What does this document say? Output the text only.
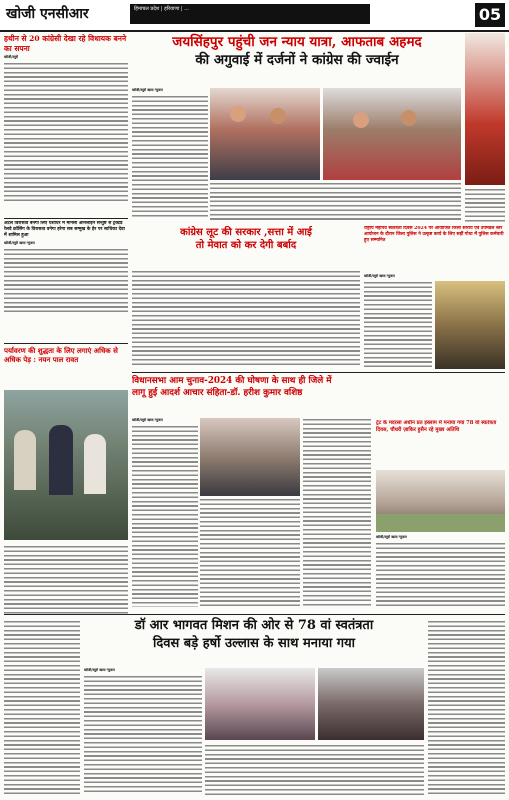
खोजी एनसीआर	हिमाचल प्रदेश | हरियाणा | ...	05
हथीन से 20 कांग्रेसी देखा रहे विधायक बनने का सपना
खोजी/ब्यूरो
अटल विरासत्व बनेगा लिए यशोधर में मानसी ऑनलाईन सन्तुष्ट से ट्रक्टर्ड रेलवे क्रॉसिंग के विरासत्व वनेगा हरेगा सब सम्मुख के हेर पर साधिका देवा में शामिल हुआ
खोजी/ब्यूरो खास न्यूजल
पर्यावरण की शुद्धता के लिए लगाएं अधिक से अधिक पेड़ : नयन पाल रावत
जयसिंहपुर पहुंची जन न्याय यात्रा, आफताब अहमद
की अगुवाई में दर्जनों ने कांग्रेस की ज्वाईन
खोजी/ब्यूरो खास न्यूजल
कांग्रेस लूट की सरकार ,सत्ता में आई
तो मेवात को कर देगी बर्बाद
राष्ट्रीय महापर्व स्वतंत्रता दिवस 2024 पर आयोजित जिला स्तरीय एवं उपमंडल स्तर आयोजन के दौरान जिला पुलिस ने उत्कृष्ट कार्य के लिए सहीं गोधा में पुलिस कर्मचारी हुए सम्मानित
खोजी/ब्यूरो खास न्यूजल
विधानसभा आम चुनाव-2024 की घोषणा के साथ ही जिले में
लागू हुई आदर्श आचार संहिता-डॉ. हरीश कुमार वशिष्ठ
खोजी/ब्यूरो खास न्यूजल	ट्रंट के मदरसा अधीन प्रत इस्लाम में मनाया गया 78 वां स्वतंत्रता दिवस, चौधरी ज़ाकिर हुसैन रहे मुख्य अतिथि
खोजी/ब्यूरो खास न्यूजल
डॉ आर भागवत मिशन की ओर से 78 वां स्वतंत्रता
दिवस बड़े हर्षो उल्लास के साथ मनाया गया
खोजी/ब्यूरो खास न्यूजल
